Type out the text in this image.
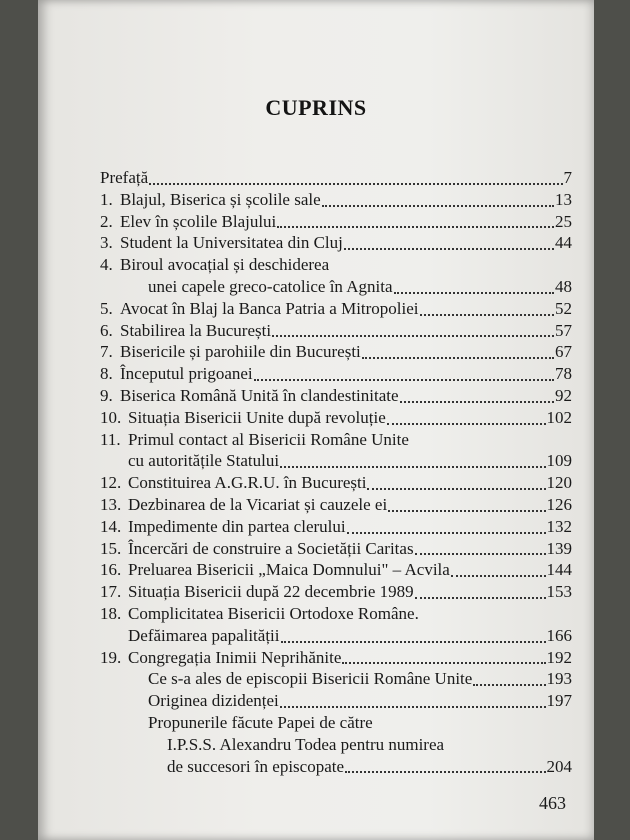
CUPRINS
Prefață	7
1. Blajul, Biserica și școlile sale	13
2. Elev în școlile Blajului	25
3. Student la Universitatea din Cluj	44
4. Biroul avocațial și deschiderea
unei capele greco-catolice în Agnita	48
5. Avocat în Blaj la Banca Patria a Mitropoliei	52
6. Stabilirea la București	57
7. Bisericile și parohiile din București	67
8. Începutul prigoanei	78
9. Biserica Română Unită în clandestinitate	92
10. Situația Bisericii Unite după revoluție	102
11. Primul contact al Bisericii Române Unite
cu autoritățile Statului	109
12. Constituirea A.G.R.U. în București	120
13. Dezbinarea de la Vicariat și cauzele ei	126
14. Impedimente din partea clerului	132
15. Încercări de construire a Societății Caritas	139
16. Preluarea Bisericii „Maica Domnului" – Acvila	144
17. Situația Bisericii după 22 decembrie 1989	153
18. Complicitatea Bisericii Ortodoxe Române.
Defăimarea papalității	166
19. Congregația Inimii Neprihănite	192
Ce s-a ales de episcopii Bisericii Române Unite	193
Originea dizidenței	197
Propunerile făcute Papei de către
I.P.S.S. Alexandru Todea pentru numirea
de succesori în episcopate	204
463
